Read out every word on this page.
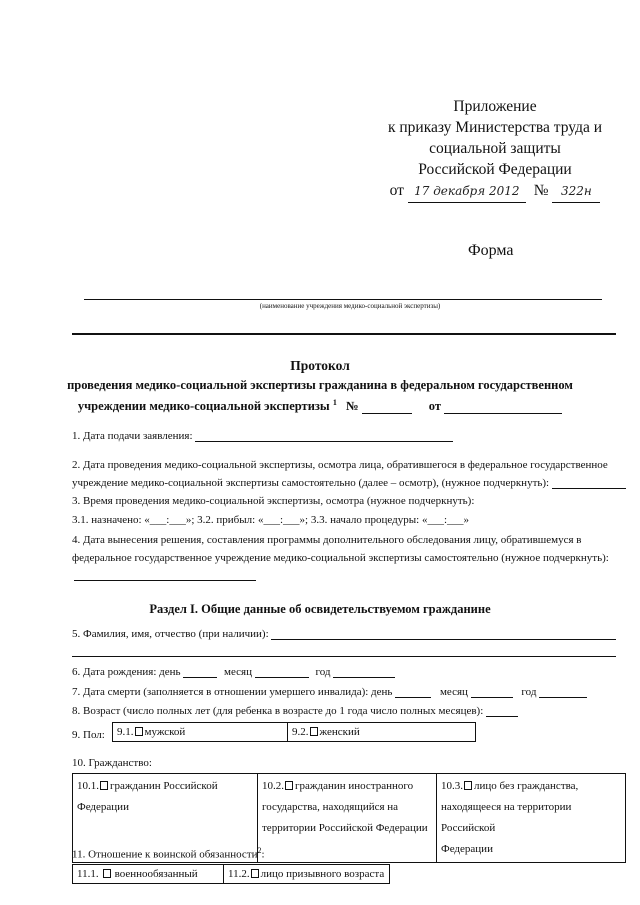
Приложение
к приказу Министерства труда и
социальной защиты
Российской Федерации
от 17 декабря 2012 № 322н
Форма
(наименование учреждения медико-социальной экспертизы)
Протокол
проведения медико-социальной экспертизы гражданина в федеральном государственном
учреждении медико-социальной экспертизы $^1$ №	от
1. Дата подачи заявления:
2. Дата проведения медико-социальной экспертизы, осмотра лица, обратившегося в федеральное государственное
учреждение медико-социальной экспертизы самостоятельно (далее – осмотр), (нужное подчеркнуть):
3. Время проведения медико-социальной экспертизы, осмотра (нужное подчеркнуть):
3.1. назначено: «___:___»; 3.2. прибыл: «___:___»; 3.3. начало процедуры: «___:___»
4. Дата вынесения решения, составления программы дополнительного обследования лицу, обратившемуся в
федеральное государственное учреждение медико-социальной экспертизы самостоятельно (нужное подчеркнуть):
Раздел I. Общие данные об освидетельствуемом гражданине
5. Фамилия, имя, отчество (при наличии):
6. Дата рождения: день	месяц	год
7. Дата смерти (заполняется в отношении умершего инвалида): день	месяц	год
8. Возраст (число полных лет (для ребенка в возрасте до 1 года число полных месяцев):
9. Пол: 9.1. мужской	9.2. женский
10. Гражданство:
10.1. гражданин Российской
Федерации	10.2. гражданин иностранного
государства, находящийся на
территории Российской Федерации	10.3. лицо без гражданства,
находящееся на территории Российской
Федерации
11. Отношение к воинской обязанности$^2$:
11.1. военнообязанный	11.2. лицо призывного возраста
